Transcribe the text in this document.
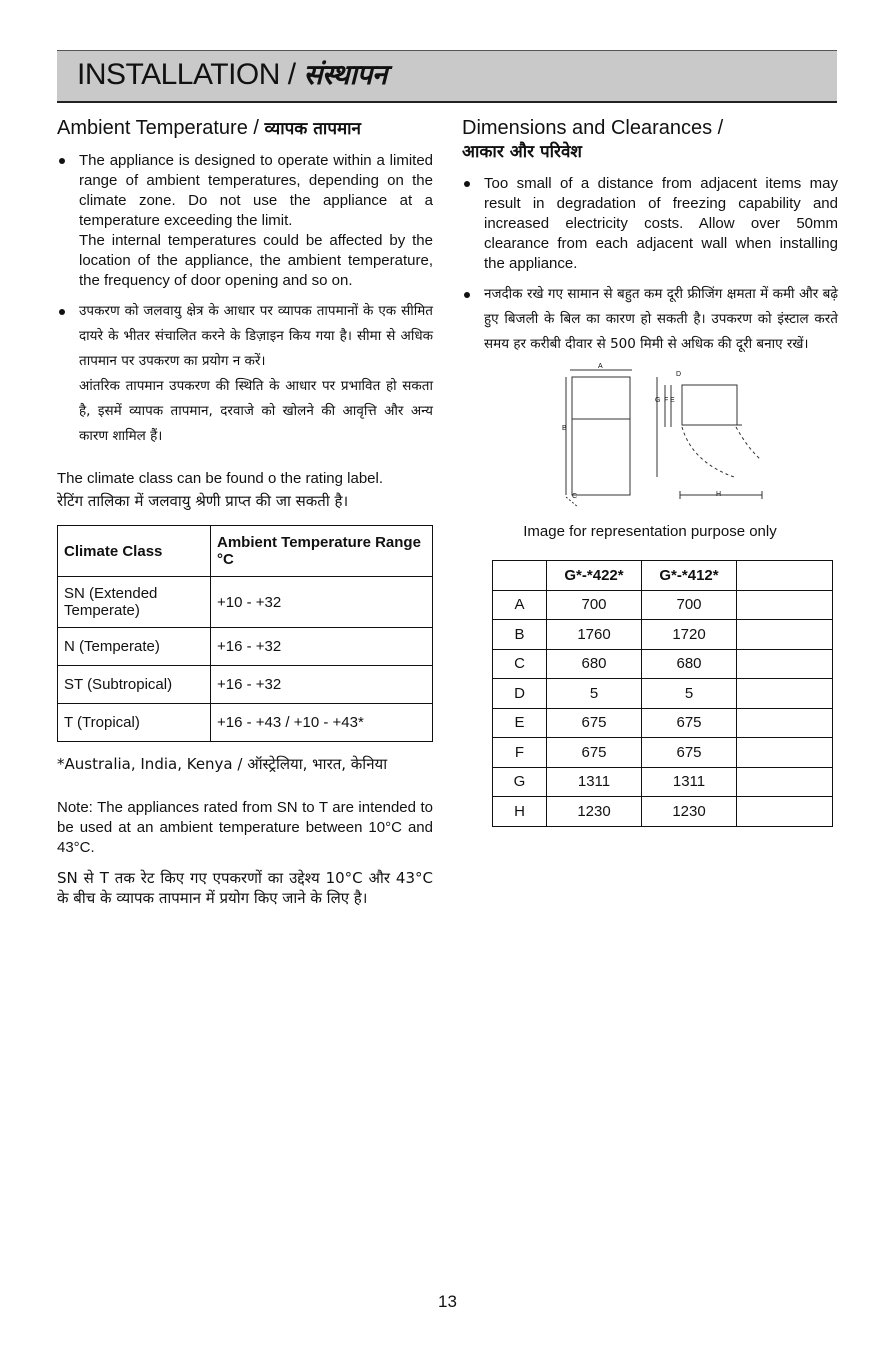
INSTALLATION / संस्थापन
Ambient Temperature / व्यापक तापमान

The appliance is designed to operate within a limited range of ambient temperatures, depending on the climate zone. Do not use the appliance at a temperature exceeding the limit.

The internal temperatures could be affected by the location of the appliance, the ambient temperature, the frequency of door opening and so on.

उपकरण को जलवायु क्षेत्र के आधार पर व्यापक तापमानों के एक सीमित दायरे के भीतर संचालित करने के डिज़ाइन किय गया है। सीमा से अधिक तापमान पर उपकरण का प्रयोग न करें।

आंतरिक तापमान उपकरण की स्थिति के आधार पर प्रभावित हो सकता है, इसमें व्यापक तापमान, दरवाजे को खोलने की आवृत्ति और अन्य कारण शामिल हैं।

The climate class can be found o the rating label.

रेटिंग तालिका में जलवायु श्रेणी प्राप्त की जा सकती है।

Climate Class	Ambient Temperature Range °C
SN (Extended Temperate)	+10 - +32
N (Temperate)	+16 - +32
ST (Subtropical)	+16 - +32
T (Tropical)	+16 - +43 / +10 - +43*

*Australia, India, Kenya / ऑस्ट्रेलिया, भारत, केनिया

Note: The appliances rated from SN to T are intended to be used at an ambient temperature between 10°C and 43°C.

SN से T तक रेट किए गए एपकरणों का उद्देश्य 10°C और 43°C के बीच के व्यापक तापमान में प्रयोग किए जाने के लिए है।

Dimensions and Clearances /
आकार और परिवेश

Too small of a distance from adjacent items may result in degradation of freezing capability and increased electricity costs. Allow over 50mm clearance from each adjacent wall when installing the appliance.

नजदीक रखे गए सामान से बहुत कम दूरी फ्रीजिंग क्षमता में कमी और बढ़े हुए बिजली के बिल का कारण हो सकती है। उपकरण को इंस्टाल करते समय हर करीबी दीवार से 500 मिमी से अधिक की दूरी बनाए रखें।

A
B
C
D
E
F
G
H
Image for representation purpose only
	G*-*422*	G*-*412*	
A	700	700	
B	1760	1720	
C	680	680	
D	5	5	
E	675	675	
F	675	675	
G	1311	1311	
H	1230	1230	
13
